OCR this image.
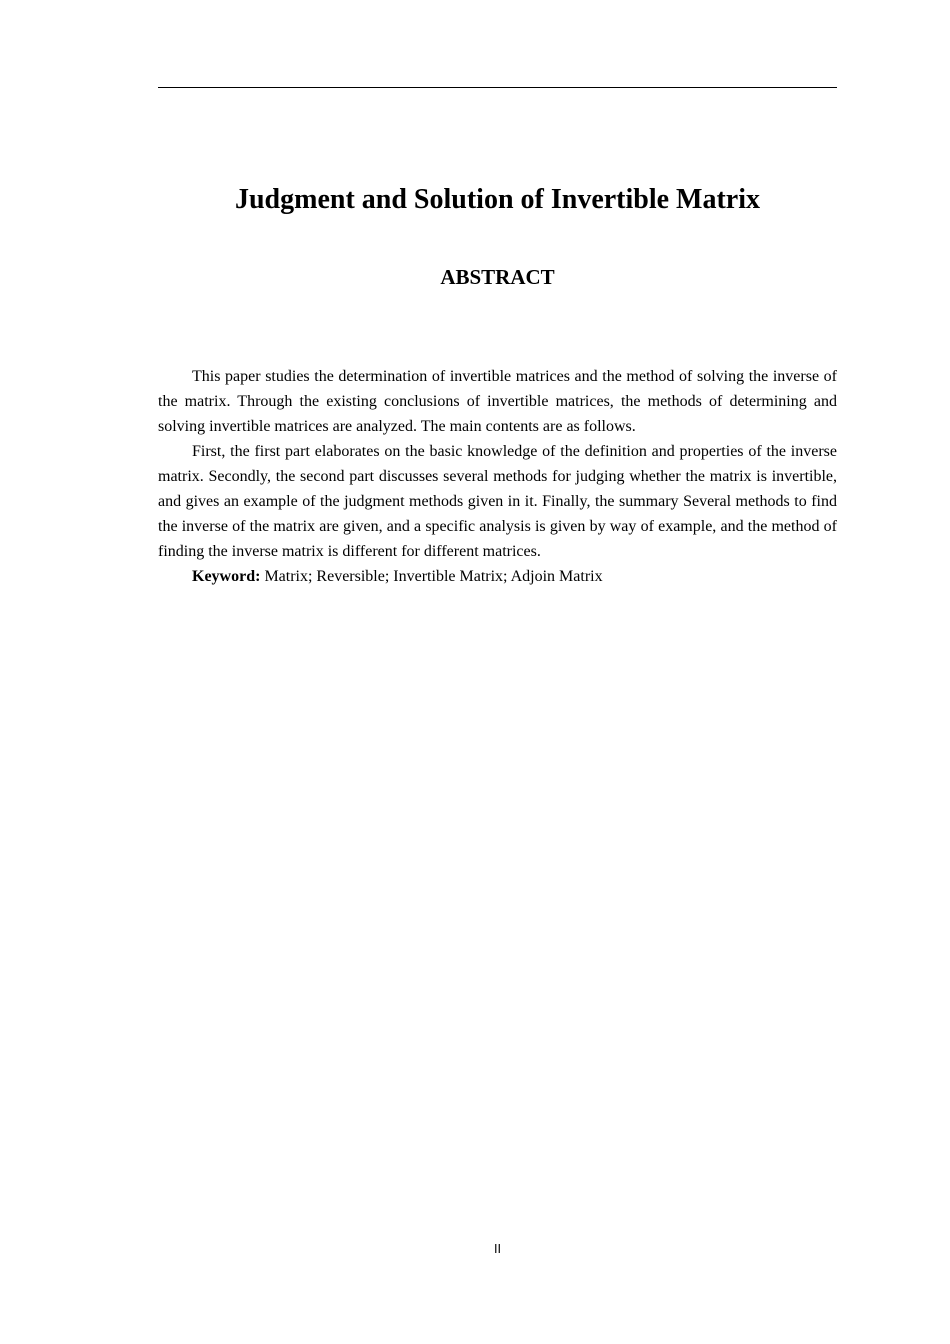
Judgment and Solution of Invertible Matrix
ABSTRACT

This paper studies the determination of invertible matrices and the method of solving the inverse of the matrix. Through the existing conclusions of invertible matrices, the methods of determining and solving invertible matrices are analyzed. The main contents are as follows.

First, the first part elaborates on the basic knowledge of the definition and properties of the inverse matrix. Secondly, the second part discusses several methods for judging whether the matrix is invertible, and gives an example of the judgment methods given in it. Finally, the summary Several methods to find the inverse of the matrix are given, and a specific analysis is given by way of example, and the method of finding the inverse matrix is different for different matrices.

Keyword: Matrix; Reversible; Invertible Matrix; Adjoin Matrix

II
